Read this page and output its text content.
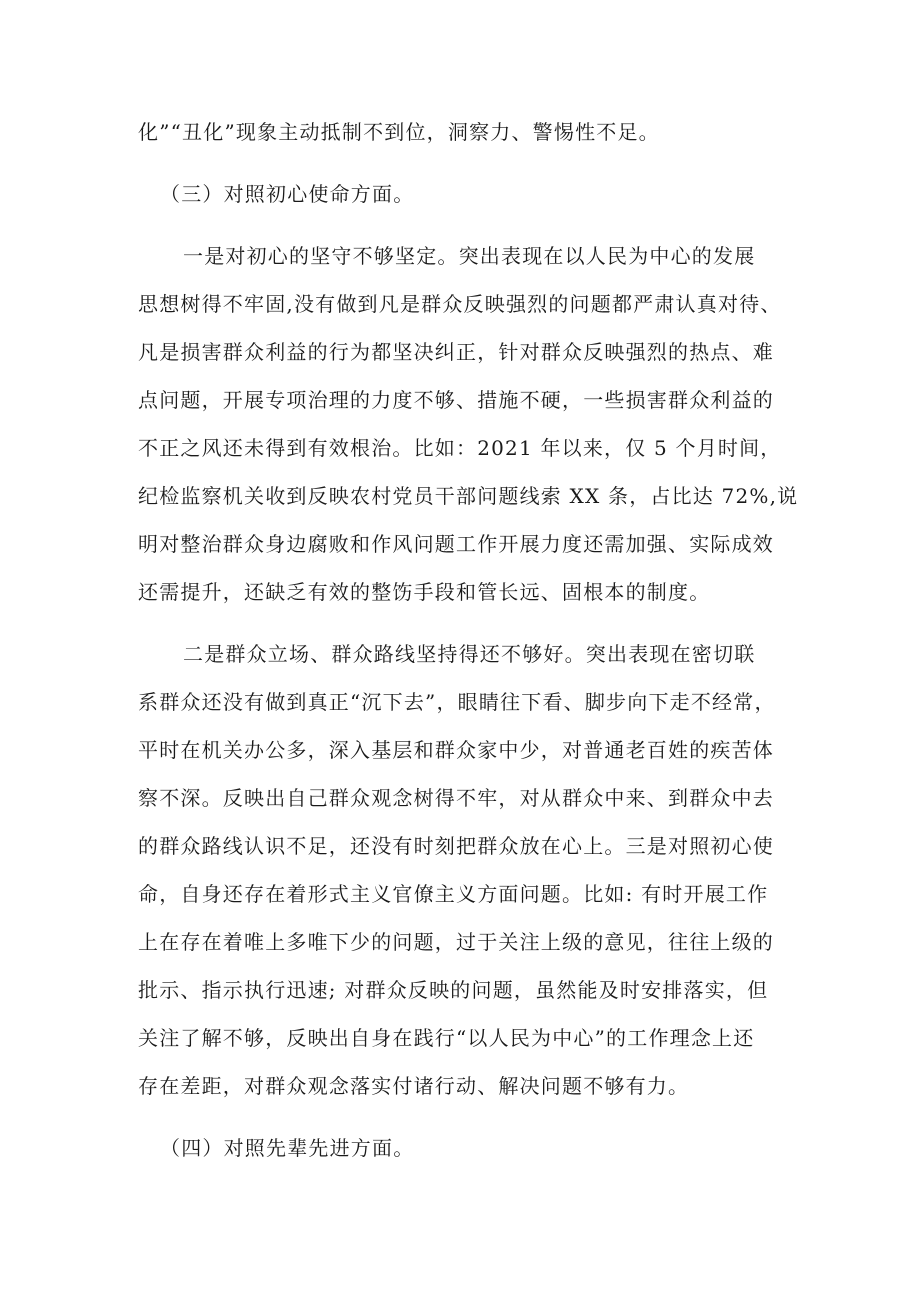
化”“丑化”现象主动抵制不到位，洞察力、警惕性不足。
（三）对照初心使命方面。
一是对初心的坚守不够坚定。突出表现在以人民为中心的发展
思想树得不牢固,没有做到凡是群众反映强烈的问题都严肃认真对待、
凡是损害群众利益的行为都坚决纠正，针对群众反映强烈的热点、难
点问题，开展专项治理的力度不够、措施不硬，一些损害群众利益的
不正之风还未得到有效根治。比如：2021 年以来，仅 5 个月时间，
纪检监察机关收到反映农村党员干部问题线索 XX 条，占比达 72%,说
明对整治群众身边腐败和作风问题工作开展力度还需加强、实际成效
还需提升，还缺乏有效的整饬手段和管长远、固根本的制度。
二是群众立场、群众路线坚持得还不够好。突出表现在密切联
系群众还没有做到真正“沉下去”，眼睛往下看、脚步向下走不经常，
平时在机关办公多，深入基层和群众家中少，对普通老百姓的疾苦体
察不深。反映出自己群众观念树得不牢，对从群众中来、到群众中去
的群众路线认识不足，还没有时刻把群众放在心上。三是对照初心使
命，自身还存在着形式主义官僚主义方面问题。比如: 有时开展工作
上在存在着唯上多唯下少的问题，过于关注上级的意见，往往上级的
批示、指示执行迅速; 对群众反映的问题，虽然能及时安排落实，但
关注了解不够，反映出自身在践行“以人民为中心”的工作理念上还
存在差距，对群众观念落实付诸行动、解决问题不够有力。
（四）对照先辈先进方面。
